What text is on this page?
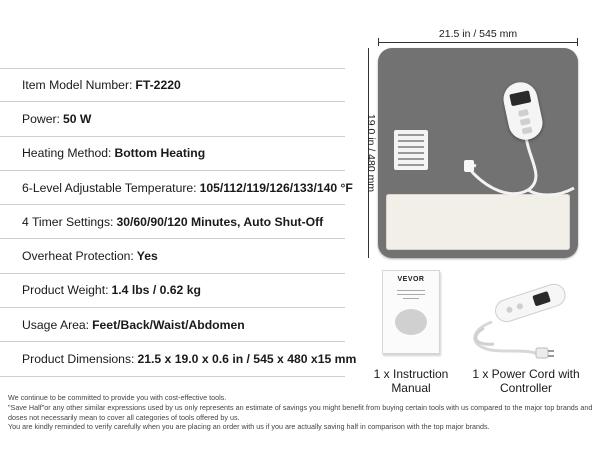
Item Model Number: FT-2220
Power: 50 W
Heating Method: Bottom Heating
6-Level Adjustable Temperature: 105/112/119/126/133/140 °F
4 Timer Settings: 30/60/90/120 Minutes, Auto Shut-Off
Overheat Protection: Yes
Product Weight: 1.4 lbs / 0.62 kg
Usage Area: Feet/Back/Waist/Abdomen
Product Dimensions: 21.5 x 19.0 x 0.6 in / 545 x 480 x15 mm
21.5 in / 545 mm
19.0 in / 480 mm
VEVOR
1 x Instruction Manual
1 x Power Cord with Controller

We continue to be committed to provide you with cost-effective tools.

"Save Half"or any other similar expressions used by us only represents an estimate of savings you might benefit from buying certain tools with us compared to the major top brands and doses not necessarily mean to cover all categories of tools offered by us.

You are kindly reminded to verify carefully when you are placing an order with us if you are actually saving half in comparison with the top major brands.
